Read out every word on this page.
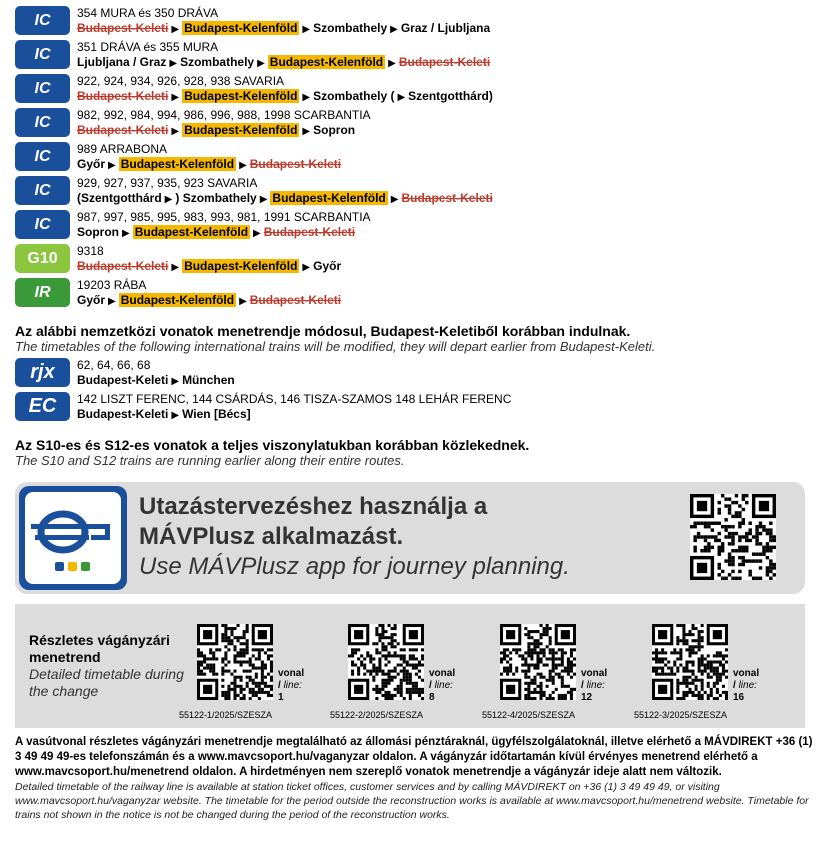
IC	354 MURA és 350 DRÁVA
Budapest-Keleti ▶ Budapest-Kelenföld ▶ Szombathely ▶ Graz / Ljubljana
IC	351 DRÁVA és 355 MURA
Ljubljana / Graz ▶ Szombathely ▶ Budapest-Kelenföld ▶ Budapest-Keleti
IC	922, 924, 934, 926, 928, 938 SAVARIA
Budapest-Keleti ▶ Budapest-Kelenföld ▶ Szombathely ( ▶ Szentgotthárd)
IC	982, 992, 984, 994, 986, 996, 988, 1998 SCARBANTIA
Budapest-Keleti ▶ Budapest-Kelenföld ▶ Sopron
IC	989 ARRABONA
Győr ▶ Budapest-Kelenföld ▶ Budapest-Keleti
IC	929, 927, 937, 935, 923 SAVARIA
(Szentgotthárd ▶ ) Szombathely ▶ Budapest-Kelenföld ▶ Budapest-Keleti
IC	987, 997, 985, 995, 983, 993, 981, 1991 SCARBANTIA
Sopron ▶ Budapest-Kelenföld ▶ Budapest-Keleti
G10	9318
Budapest-Keleti ▶ Budapest-Kelenföld ▶ Győr
IR	19203 RÁBA
Győr ▶ Budapest-Kelenföld ▶ Budapest-Keleti
Az alábbi nemzetközi vonatok menetrendje módosul, Budapest-Keletiből korábban indulnak.
The timetables of the following international trains will be modified, they will depart earlier from Budapest-Keleti.
rjx	62, 64, 66, 68
Budapest-Keleti ▶ München
EC	142 LISZT FERENC, 144 CSÁRDÁS, 146 TISZA-SZAMOS 148 LEHÁR FERENC
Budapest-Keleti ▶ Wien [Bécs]
Az S10-es és S12-es vonatok a teljes viszonylatukban korábban közlekednek.
The S10 and S12 trains are running earlier along their entire routes.
Utazástervezéshez használja a
MÁVPlusz alkalmazást.
Use MÁVPlusz app for journey planning.
Részletes vágányzári menetrend
Detailed timetable during the change
vonal / line:
1
55122-1/2025/SZESZA
vonal / line:
8
55122-2/2025/SZESZA
vonal / line:
12
55122-4/2025/SZESZA
vonal / line:
16
55122-3/2025/SZESZA
A vasútvonal részletes vágányzári menetrendje megtalálható az állomási pénztáraknál, ügyfélszolgálatoknál, illetve elérhető a MÁVDIREKT +36 (1) 3 49 49 49-es telefonszámán és a www.mavcsoport.hu/vaganyzar oldalon. A vágányzár időtartamán kívül érvényes menetrend elérhető a www.mavcsoport.hu/menetrend oldalon. A hirdetményen nem szereplő vonatok menetrendje a vágányzár ideje alatt nem változik.
Detailed timetable of the railway line is available at station ticket offices, customer services and by calling MÁVDIREKT on +36 (1) 3 49 49 49, or visiting www.mavcsoport.hu/vaganyzar website. The timetable for the period outside the reconstruction works is available at www.mavcsoport.hu/menetrend website. Timetable for trains not shown in the notice is not be changed during the period of the reconstruction works.
